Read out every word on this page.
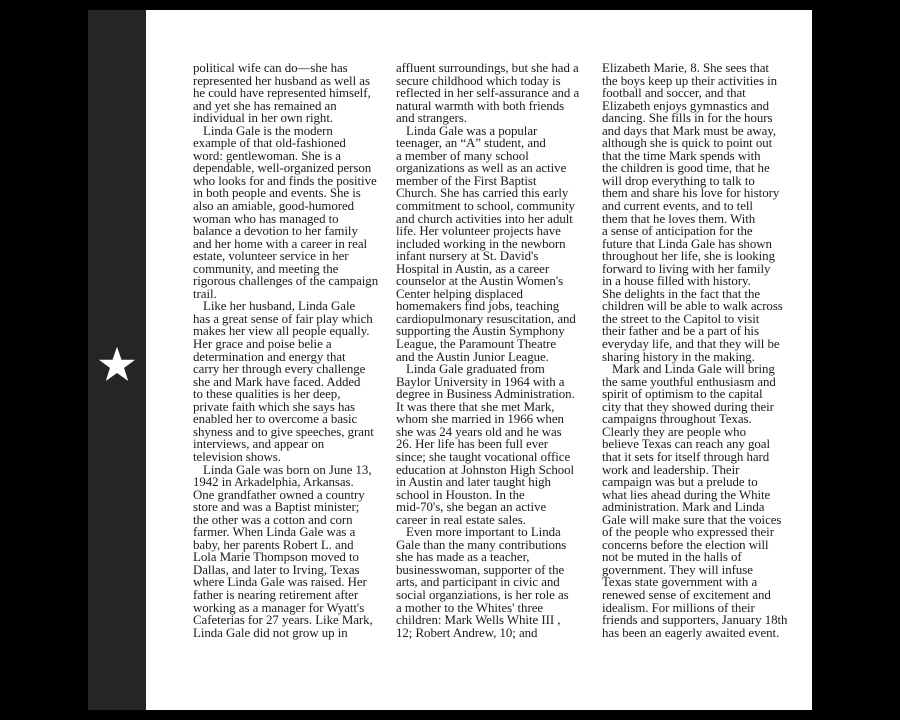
political wife can do—she has
represented her husband as well as
he could have represented himself,
and yet she has remained an
individual in her own right.
Linda Gale is the modern
example of that old-fashioned
word: gentlewoman. She is a
dependable, well-organized person
who looks for and finds the positive
in both people and events. She is
also an amiable, good-humored
woman who has managed to
balance a devotion to her family
and her home with a career in real
estate, volunteer service in her
community, and meeting the
rigorous challenges of the campaign
trail.
Like her husband, Linda Gale
has a great sense of fair play which
makes her view all people equally.
Her grace and poise belie a
determination and energy that
carry her through every challenge
she and Mark have faced. Added
to these qualities is her deep,
private faith which she says has
enabled her to overcome a basic
shyness and to give speeches, grant
interviews, and appear on
television shows.
Linda Gale was born on June 13,
1942 in Arkadelphia, Arkansas.
One grandfather owned a country
store and was a Baptist minister;
the other was a cotton and corn
farmer. When Linda Gale was a
baby, her parents Robert L. and
Lola Marie Thompson moved to
Dallas, and later to Irving, Texas
where Linda Gale was raised. Her
father is nearing retirement after
working as a manager for Wyatt's
Cafeterias for 27 years. Like Mark,
Linda Gale did not grow up in
affluent surroundings, but she had a
secure childhood which today is
reflected in her self-assurance and a
natural warmth with both friends
and strangers.
Linda Gale was a popular
teenager, an “A” student, and
a member of many school
organizations as well as an active
member of the First Baptist
Church. She has carried this early
commitment to school, community
and church activities into her adult
life. Her volunteer projects have
included working in the newborn
infant nursery at St. David's
Hospital in Austin, as a career
counselor at the Austin Women's
Center helping displaced
homemakers find jobs, teaching
cardiopulmonary resuscitation, and
supporting the Austin Symphony
League, the Paramount Theatre
and the Austin Junior League.
Linda Gale graduated from
Baylor University in 1964 with a
degree in Business Administration.
It was there that she met Mark,
whom she married in 1966 when
she was 24 years old and he was
26. Her life has been full ever
since; she taught vocational office
education at Johnston High School
in Austin and later taught high
school in Houston. In the
mid-70's, she began an active
career in real estate sales.
Even more important to Linda
Gale than the many contributions
she has made as a teacher,
businesswoman, supporter of the
arts, and participant in civic and
social organziations, is her role as
a mother to the Whites' three
children: Mark Wells White III ,
12; Robert Andrew, 10; and
Elizabeth Marie, 8. She sees that
the boys keep up their activities in
football and soccer, and that
Elizabeth enjoys gymnastics and
dancing. She fills in for the hours
and days that Mark must be away,
although she is quick to point out
that the time Mark spends with
the children is good time, that he
will drop everything to talk to
them and share his love for history
and current events, and to tell
them that he loves them. With
a sense of anticipation for the
future that Linda Gale has shown
throughout her life, she is looking
forward to living with her family
in a house filled with history.
She delights in the fact that the
children will be able to walk across
the street to the Capitol to visit
their father and be a part of his
everyday life, and that they will be
sharing history in the making.
Mark and Linda Gale will bring
the same youthful enthusiasm and
spirit of optimism to the capital
city that they showed during their
campaigns throughout Texas.
Clearly they are people who
believe Texas can reach any goal
that it sets for itself through hard
work and leadership. Their
campaign was but a prelude to
what lies ahead during the White
administration. Mark and Linda
Gale will make sure that the voices
of the people who expressed their
concerns before the election will
not be muted in the halls of
government. They will infuse
Texas state government with a
renewed sense of excitement and
idealism. For millions of their
friends and supporters, January 18th
has been an eagerly awaited event.
